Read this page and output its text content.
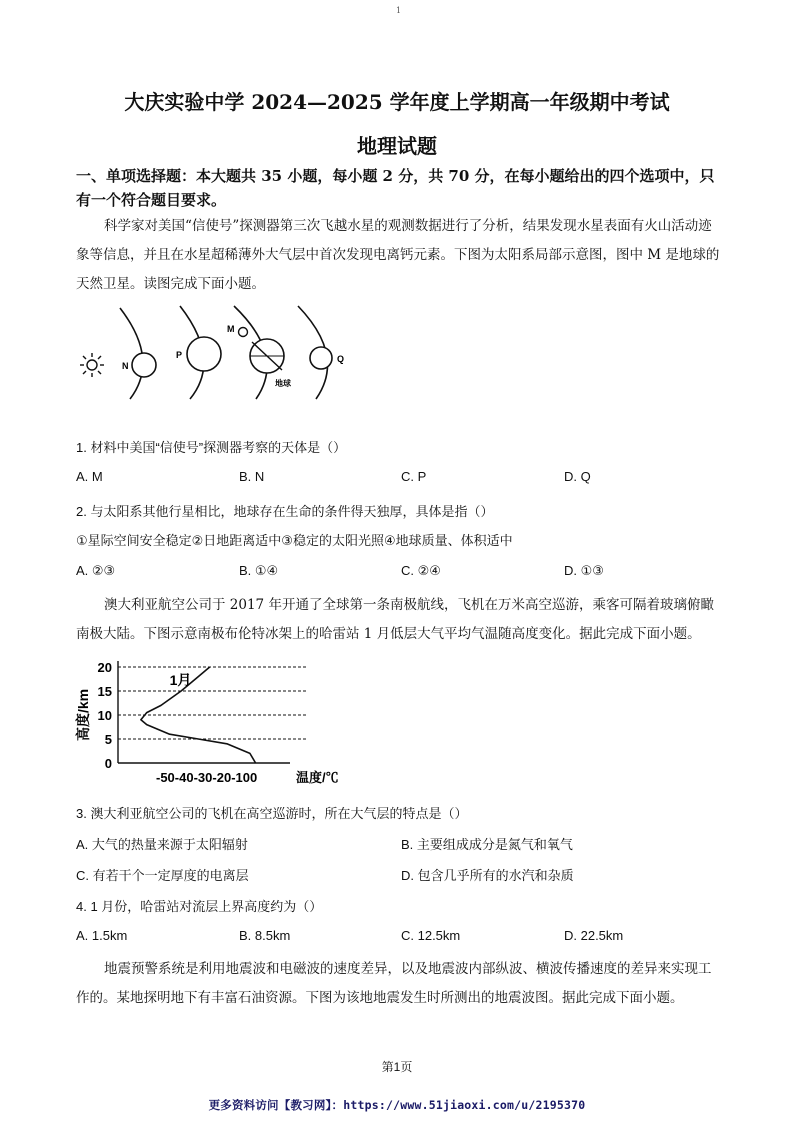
1
大庆实验中学 2024—2025 学年度上学期高一年级期中考试
地理试题
一、单项选择题：本大题共 35 小题，每小题 2 分，共 70 分，在每小题给出的四个选项中，只有一个符合题目要求。
科学家对美国“信使号”探测器第三次飞越水星的观测数据进行了分析，结果发现水星表面有火山活动迹象等信息，并且在水星超稀薄外大气层中首次发现电离钙元素。下图为太阳系局部示意图，图中 M 是地球的天然卫星。读图完成下面小题。
N
P
M
地球
Q
1. 材料中美国“信使号”探测器考察的天体是（）
A. M	B. N	C. P	D. Q
2. 与太阳系其他行星相比，地球存在生命的条件得天独厚，具体是指（）
①星际空间安全稳定②日地距离适中③稳定的太阳光照④地球质量、体积适中
A. ②③	B. ①④	C. ②④	D. ①③
澳大利亚航空公司于 2017 年开通了全球第一条南极航线，飞机在万米高空巡游，乘客可隔着玻璃俯瞰南极大陆。下图示意南极布伦特冰架上的哈雷站 1 月低层大气平均气温随高度变化。据此完成下面小题。
0
5
10
15
20
-50-40-30-20-100	温度/℃
高度/km
1月
3. 澳大利亚航空公司的飞机在高空巡游时，所在大气层的特点是（）
A. 大气的热量来源于太阳辐射	B. 主要组成成分是氮气和氧气
C. 有若干个一定厚度的电离层	D. 包含几乎所有的水汽和杂质
4. 1 月份，哈雷站对流层上界高度约为（）
A. 1.5km	B. 8.5km	C. 12.5km	D. 22.5km
地震预警系统是利用地震波和电磁波的速度差异，以及地震波内部纵波、横波传播速度的差异来实现工作的。某地探明地下有丰富石油资源。下图为该地地震发生时所测出的地震波图。据此完成下面小题。
第1页
更多资料访问【教习网】：https://www.51jiaoxi.com/u/2195370
